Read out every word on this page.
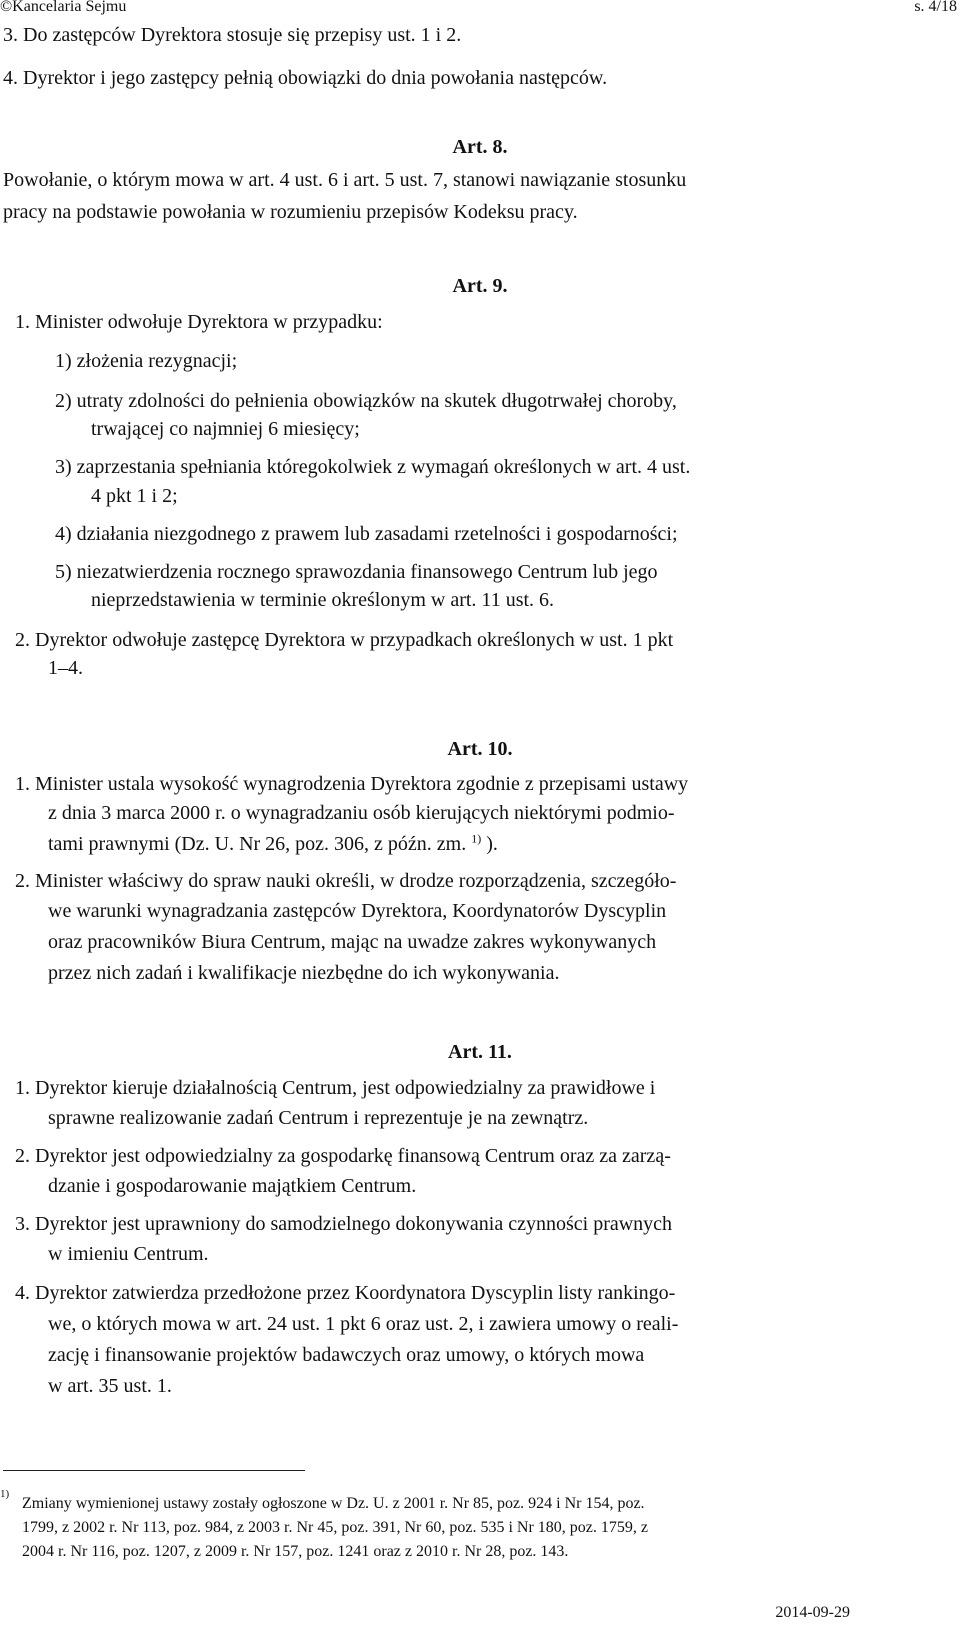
©Kancelaria Sejmu	s. 4/18
3. Do zastępców Dyrektora stosuje się przepisy ust. 1 i 2.
4. Dyrektor i jego zastępcy pełnią obowiązki do dnia powołania następców.
Art. 8.
Powołanie, o którym mowa w art. 4 ust. 6 i art. 5 ust. 7, stanowi nawiązanie stosunku
pracy na podstawie powołania w rozumieniu przepisów Kodeksu pracy.
Art. 9.
1. Minister odwołuje Dyrektora w przypadku:
1) złożenia rezygnacji;
2) utraty zdolności do pełnienia obowiązków na skutek długotrwałej choroby,
trwającej co najmniej 6 miesięcy;
3) zaprzestania spełniania któregokolwiek z wymagań określonych w art. 4 ust.
4 pkt 1 i 2;
4) działania niezgodnego z prawem lub zasadami rzetelności i gospodarności;
5) niezatwierdzenia rocznego sprawozdania finansowego Centrum lub jego
nieprzedstawienia w terminie określonym w art. 11 ust. 6.
2. Dyrektor odwołuje zastępcę Dyrektora w przypadkach określonych w ust. 1 pkt
1–4.
Art. 10.
1. Minister ustala wysokość wynagrodzenia Dyrektora zgodnie z przepisami ustawy
z dnia 3 marca 2000 r. o wynagradzaniu osób kierujących niektórymi podmio-
tami prawnymi (Dz. U. Nr 26, poz. 306, z późn. zm. $^{1)}$ ).
2. Minister właściwy do spraw nauki określi, w drodze rozporządzenia, szczegóło-
we warunki wynagradzania zastępców Dyrektora, Koordynatorów Dyscyplin
oraz pracowników Biura Centrum, mając na uwadze zakres wykonywanych
przez nich zadań i kwalifikacje niezbędne do ich wykonywania.
Art. 11.
1. Dyrektor kieruje działalnością Centrum, jest odpowiedzialny za prawidłowe i
sprawne realizowanie zadań Centrum i reprezentuje je na zewnątrz.
2. Dyrektor jest odpowiedzialny za gospodarkę finansową Centrum oraz za zarzą-
dzanie i gospodarowanie majątkiem Centrum.
3. Dyrektor jest uprawniony do samodzielnego dokonywania czynności prawnych
w imieniu Centrum.
4. Dyrektor zatwierdza przedłożone przez Koordynatora Dyscyplin listy rankingo-
we, o których mowa w art. 24 ust. 1 pkt 6 oraz ust. 2, i zawiera umowy o reali-
zację i finansowanie projektów badawczych oraz umowy, o których mowa
w art. 35 ust. 1.
1)
Zmiany wymienionej ustawy zostały ogłoszone w Dz. U. z 2001 r. Nr 85, poz. 924 i Nr 154, poz.
1799, z 2002 r. Nr 113, poz. 984, z 2003 r. Nr 45, poz. 391, Nr 60, poz. 535 i Nr 180, poz. 1759, z
2004 r. Nr 116, poz. 1207, z 2009 r. Nr 157, poz. 1241 oraz z 2010 r. Nr 28, poz. 143.
2014-09-29
